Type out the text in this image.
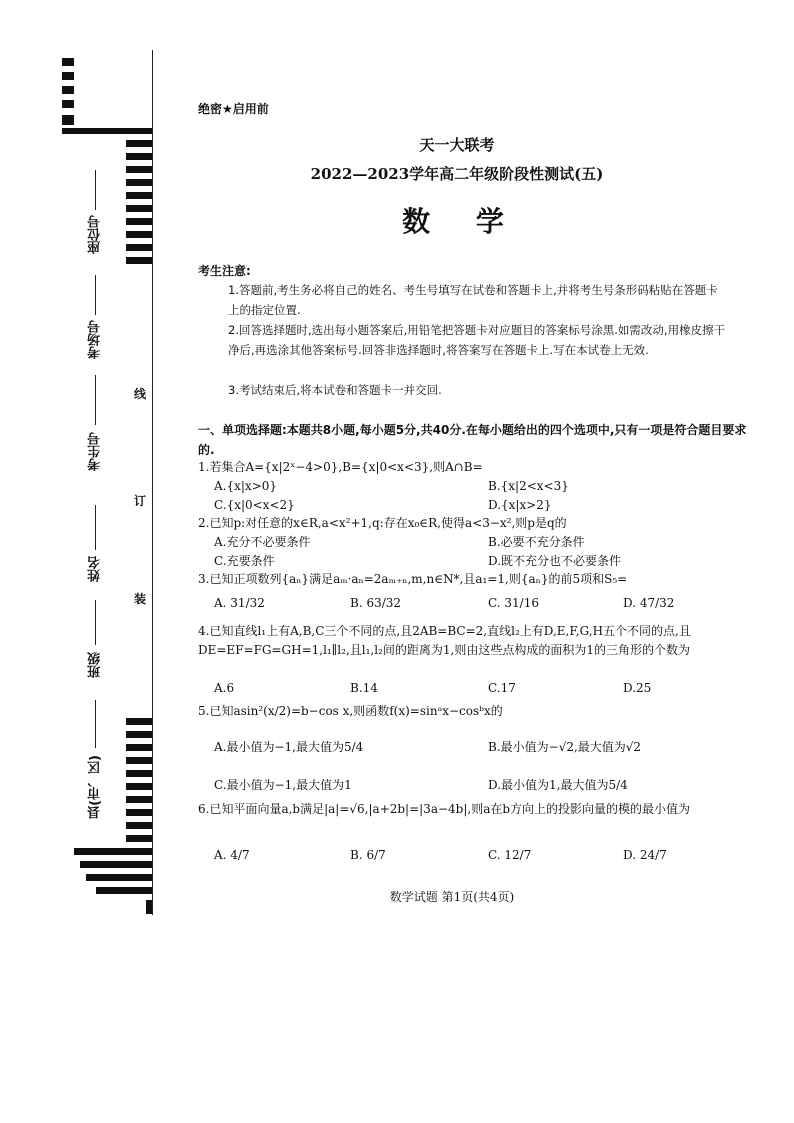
座位号
考场号
考生号
姓名
班级
县(市、区)
线
订
装
绝密★启用前
天一大联考
2022—2023学年高二年级阶段性测试(五)
数 学
考生注意:
1.答题前,考生务必将自己的姓名、考生号填写在试卷和答题卡上,并将考生号条形码粘贴在答题卡上的指定位置.
2.回答选择题时,选出每小题答案后,用铅笔把答题卡对应题目的答案标号涂黑.如需改动,用橡皮擦干净后,再选涂其他答案标号.回答非选择题时,将答案写在答题卡上.写在本试卷上无效.
3.考试结束后,将本试卷和答题卡一并交回.
一、单项选择题:本题共8小题,每小题5分,共40分.在每小题给出的四个选项中,只有一项是符合题目要求的.
1.若集合A={x|2ˣ−4>0},B={x|0<x<3},则A∩B=
A.{x|x>0}	B.{x|2<x<3}
C.{x|0<x<2}	D.{x|x>2}
2.已知p:对任意的x∈R,a<x²+1,q:存在x₀∈R,使得a<3−x²,则p是q的
A.充分不必要条件	B.必要不充分条件
C.充要条件	D.既不充分也不必要条件
3.已知正项数列{aₙ}满足aₘ·aₙ=2aₘ₊ₙ,m,n∈N*,且a₁=1,则{aₙ}的前5项和S₅=
A. 31/32	B. 63/32	C. 31/16	D. 47/32
4.已知直线l₁上有A,B,C三个不同的点,且2AB=BC=2,直线l₂上有D,E,F,G,H五个不同的点,且DE=EF=FG=GH=1,l₁∥l₂,且l₁,l₂间的距离为1,则由这些点构成的面积为1的三角形的个数为
A.6	B.14	C.17	D.25
5.已知asin²(x/2)=b−cos x,则函数f(x)=sinᵃx−cosᵇx的
A.最小值为−1,最大值为5/4	B.最小值为−√2,最大值为√2
C.最小值为−1,最大值为1	D.最小值为1,最大值为5/4
6.已知平面向量a,b满足|a|=√6,|a+2b|=|3a−4b|,则a在b方向上的投影向量的模的最小值为
A. 4/7	B. 6/7	C. 12/7	D. 24/7
数学试题 第1页(共4页)
